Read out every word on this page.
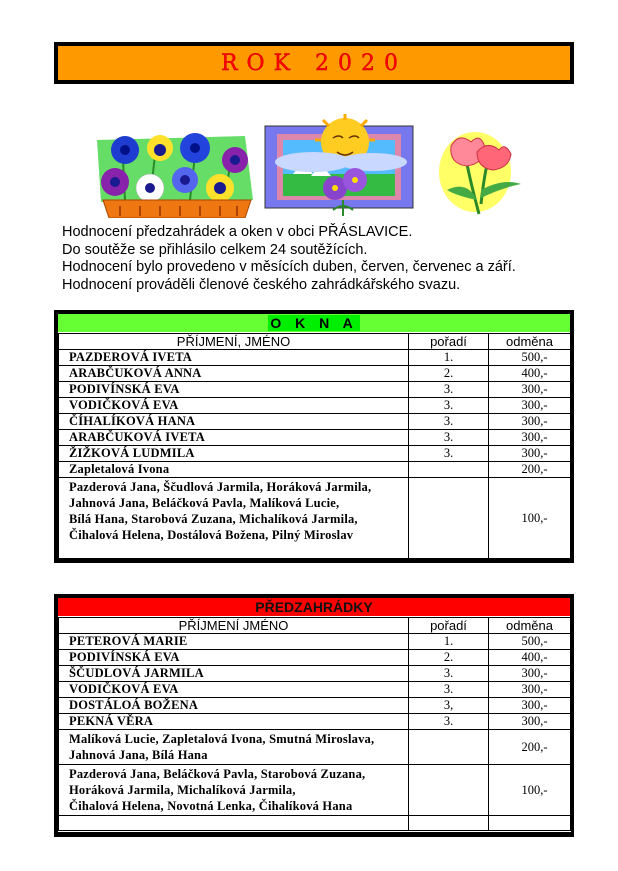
ROK 2020

Hodnocení předzahrádek a oken v obci PŘÁSLAVICE.

Do soutěže se přihlásilo celkem 24 soutěžících.

Hodnocení bylo provedeno v měsících duben, červen, červenec a září.

Hodnocení prováděli členové českého zahrádkářského svazu.

O K N A
PŘÍJMENÍ, JMÉNO	pořadí	odměna
PAZDEROVÁ IVETA	1.	500,-
ARABČUKOVÁ ANNA	2.	400,-
PODIVÍNSKÁ EVA	3.	300,-
VODIČKOVÁ EVA	3.	300,-
ČÍHALÍKOVÁ HANA	3.	300,-
ARABČUKOVÁ IVETA	3.	300,-
ŽIŽKOVÁ LUDMILA	3.	300,-
Zapletalová Ivona		200,-

Pazderová Jana, Ščudlová Jarmila, Horáková Jarmila,
Jahnová Jana, Beláčková Pavla, Malíková Lucie,
Bílá Hana, Starobová Zuzana, Michalíková Jarmila,
Čihalová Helena, Dostálová Božena, Pilný Miroslav		100,-
PŘEDZAHRÁDKY
PŘÍJMENÍ JMÉNO	pořadí	odměna
PETEROVÁ MARIE	1.	500,-
PODIVÍNSKÁ EVA	2.	400,-
ŠČUDLOVÁ JARMILA	3.	300,-
VODIČKOVÁ EVA	3.	300,-
DOSTÁLOÁ BOŽENA	3,	300,-
PEKNÁ VĚRA	3.	300,-

Malíková Lucie, Zapletalová Ivona, Smutná Miroslava,
Jahnová Jana, Bílá Hana		200,-

Pazderová Jana, Beláčková Pavla, Starobová Zuzana,
Horáková Jarmila, Michalíková Jarmila,
Čihalová Helena, Novotná Lenka, Čihalíková Hana		100,-
